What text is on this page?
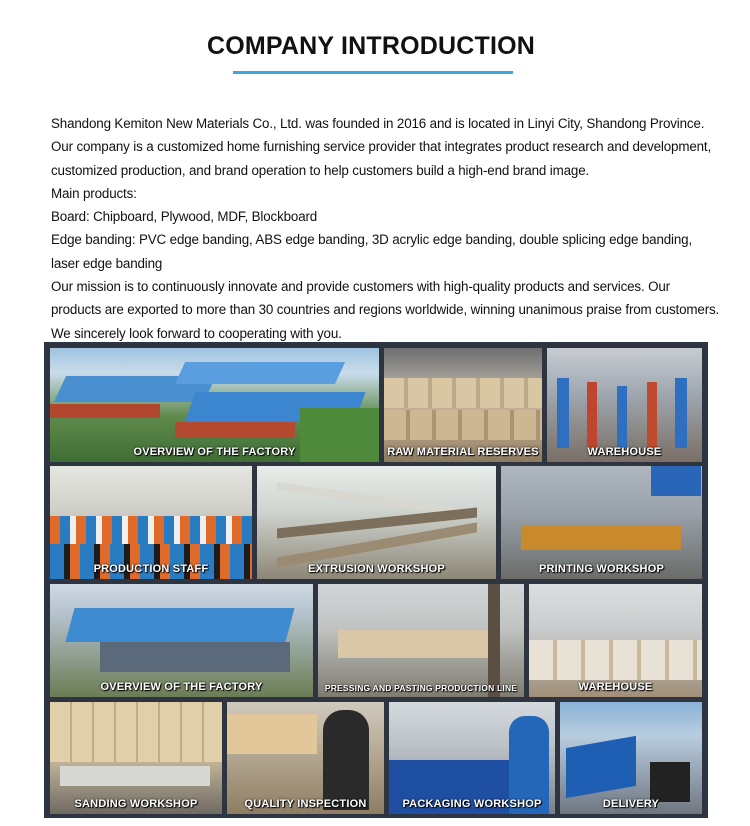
COMPANY INTRODUCTION

Shandong Kemiton New Materials Co., Ltd. was founded in 2016 and is located in Linyi City, Shandong Province.

Our company is a customized home furnishing service provider that integrates product research and development,

customized production, and brand operation to help customers build a high-end brand image.

Main products:

Board: Chipboard, Plywood, MDF, Blockboard

Edge banding: PVC edge banding, ABS edge banding, 3D acrylic edge banding, double splicing edge banding,

laser edge banding

Our mission is to continuously innovate and provide customers with high-quality products and services. Our

products are exported to more than 30 countries and regions worldwide, winning unanimous praise from customers.

We sincerely look forward to cooperating with you.

OVERVIEW OF THE FACTORY	RAW MATERIAL RESERVES	WAREHOUSE
PRODUCTION STAFF	EXTRUSION WORKSHOP	PRINTING WORKSHOP
OVERVIEW OF THE FACTORY	PRESSING AND PASTING PRODUCTION LINE	WAREHOUSE
SANDING WORKSHOP	QUALITY INSPECTION	PACKAGING WORKSHOP	DELIVERY
